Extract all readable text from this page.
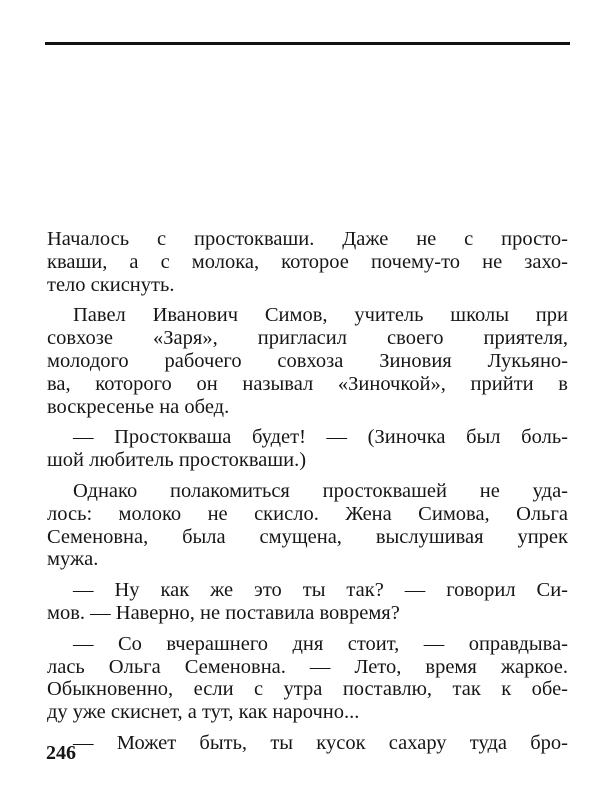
Началось с простокваши. Даже не с просто-
кваши, а с молока, которое почему-то не захо-
тело скиснуть.

Павел Иванович Симов, учитель школы при
совхозе «Заря», пригласил своего приятеля,
молодого рабочего совхоза Зиновия Лукьяно-
ва, которого он называл «Зиночкой», прийти в
воскресенье на обед.

— Простокваша будет! — (Зиночка был боль-
шой любитель простокваши.)

Однако полакомиться простоквашей не уда-
лось: молоко не скисло. Жена Симова, Ольга
Семеновна, была смущена, выслушивая упрек
мужа.

— Ну как же это ты так? — говорил Си-
мов. — Наверно, не поставила вовремя?

— Со вчерашнего дня стоит, — оправдыва-
лась Ольга Семеновна. — Лето, время жаркое.
Обыкновенно, если с утра поставлю, так к обе-
ду уже скиснет, а тут, как нарочно...

— Может быть, ты кусок сахару туда бро-

246
